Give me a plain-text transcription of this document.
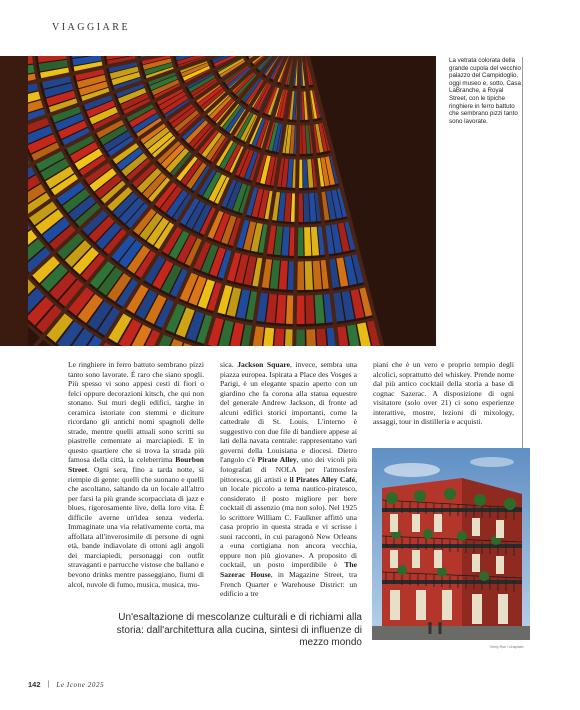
VIAGGIARE
La vetrata colorata della grande cupola del vecchio palazzo del Campidoglio, oggi museo e, sotto, Casa LaBranche, a Royal Street, con le tipiche ringhiere in ferro battuto che sembrano pizzi tanto sono lavorate.

Le ringhiere in ferro battuto sembrano pizzi tanto sono lavorate. È raro che siano spogli. Più spesso vi sono appesi cesti di fiori o felci oppure decorazioni kitsch, che qui non stonano. Sui muri degli edifici, targhe in ceramica istoriate con stemmi e diciture ricordano gli antichi nomi spagnoli delle strade, mentre quelli attuali sono scritti su piastrelle cementate ai marciapiedi. E in questo quartiere che si trova la strada più famosa della città, la celeberrima Bourbon Street. Ogni sera, fino a tarda notte, si riempie di gente: quelli che suonano e quelli che ascoltano, saltando da un locale all'altro per farsi la più grande scorpacciata di jazz e blues, rigorosamente live, della loro vita. È difficile averne un'idea senza vederla. Immaginate una via relativamente corta, ma affollata all'inverosimile di persone di ogni età, bande indiavolate di ottoni agli angoli dei marciapiedi, personaggi con outfit stravaganti e parrucche vistose che ballano e bevono drinks mentre passeggiano, fiumi di alcol, nuvole di fumo, musica, musica, mu-

sica. Jackson Square, invece, sembra una piazza europea. Ispirata a Place des Vosges a Parigi, è un elegante spazio aperto con un giardino che fa corona alla statua equestre del generale Andrew Jackson, di fronte ad alcuni edifici storici importanti, come la cattedrale di St. Louis. L'interno è suggestivo con due file di bandiere appese ai lati della navata centrale: rappresentano vari governi della Louisiana e diocesi. Dietro l'angolo c'è Pirate Alley, uno dei vicoli più fotografati di NOLA per l'atmosfera pittoresca, gli artisti e il Pirates Alley Café, un locale piccolo a tema nautico-piratesco, considerato il posto migliore per bere cocktail di assenzio (ma non solo). Nel 1925 lo scrittore William C. Faulkner affittò una casa proprio in questa strada e vi scrisse i suoi racconti, in cui paragonò New Orleans a «una cortigiana non ancora vecchia, eppure non più giovane». A proposito di cocktail, un posto imperdibile è The Sazerac House, in Magazine Street, tra French Quarter e Warehouse District: un edificio a tre

piani che è un vero e proprio tempio degli alcolici, soprattutto del whiskey. Prende nome dal più antico cocktail della storia a base di cognac Sazerac. A disposizione di ogni visitatore (solo over 21) ci sono esperienze interattive, mostre, lezioni di mixology, assaggi, tour in distilleria e acquisti.

Vinny Rue / Unsplash
Un'esaltazione di mescolanze culturali e di richiami alla storia: dall'architettura alla cucina, sintesi di influenze di mezzo mondo
142 | Le Icone 2025
